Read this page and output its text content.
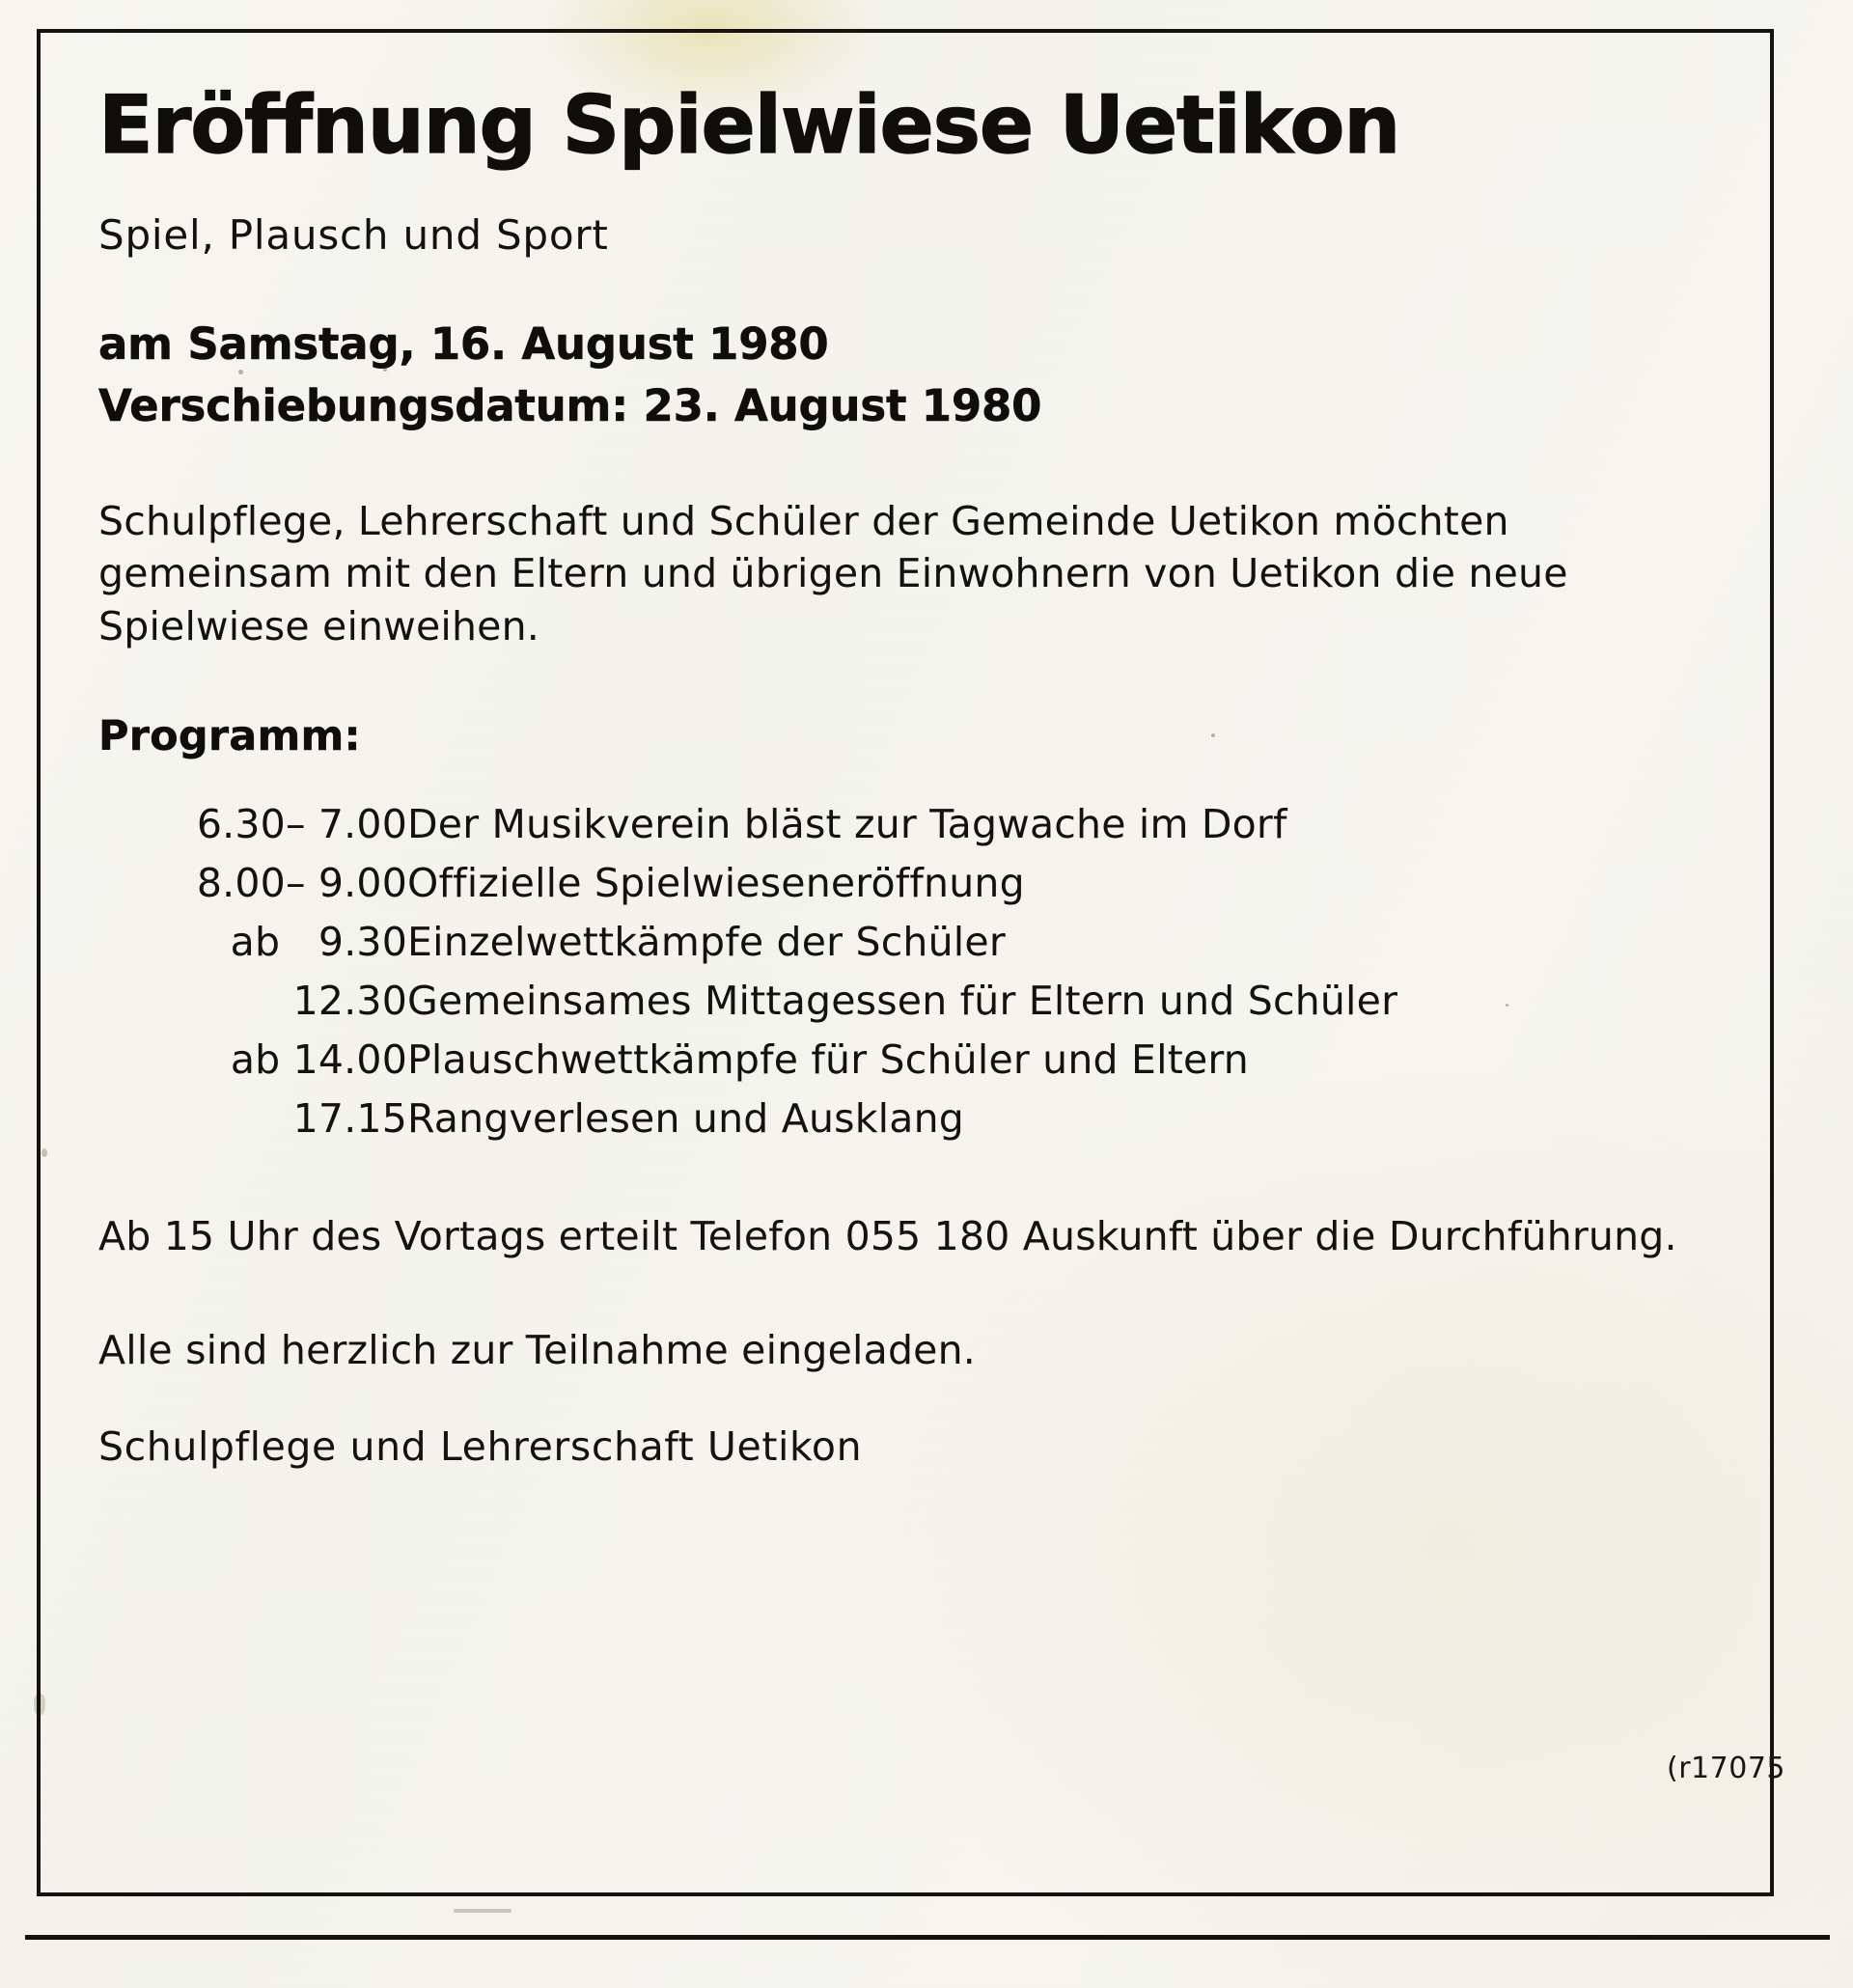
Eröffnung Spielwiese Uetikon
Spiel, Plausch und Sport
am Samstag, 16. August 1980
Verschiebungsdatum: 23. August 1980
Schulpflege, Lehrerschaft und Schüler der Gemeinde Uetikon möchten gemeinsam mit den Eltern und übrigen Einwohnern von Uetikon die neue Spielwiese einweihen.
Programm:
6.30– 7.00	Der Musikverein bläst zur Tagwache im Dorf
8.00– 9.00	Offizielle Spielwieseneröffnung
ab   9.30	Einzelwettkämpfe der Schüler
12.30	Gemeinsames Mittagessen für Eltern und Schüler
ab 14.00	Plauschwettkämpfe für Schüler und Eltern
17.15	Rangverlesen und Ausklang
Ab 15 Uhr des Vortags erteilt Telefon 055 180 Auskunft über die Durchführung.
Alle sind herzlich zur Teilnahme eingeladen.
Schulpflege und Lehrerschaft Uetikon
(r17075
